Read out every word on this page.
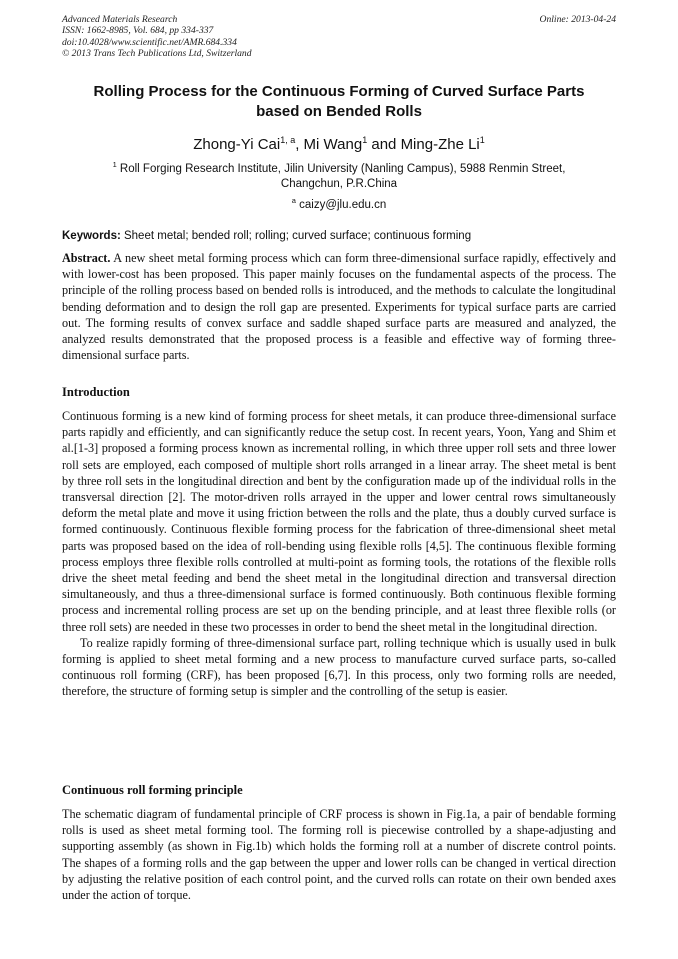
Advanced Materials Research
ISSN: 1662-8985, Vol. 684, pp 334-337
doi:10.4028/www.scientific.net/AMR.684.334
© 2013 Trans Tech Publications Ltd, Switzerland
Online: 2013-04-24
Rolling Process for the Continuous Forming of Curved Surface Parts
based on Bended Rolls
Zhong-Yi Cai$^{1, a}$, Mi Wang$^1$ and Ming-Zhe Li$^1$
$^1$ Roll Forging Research Institute, Jilin University (Nanling Campus), 5988 Renmin Street, Changchun, P.R.China
$^a$ caizy@jlu.edu.cn
Keywords: Sheet metal; bended roll; rolling; curved surface; continuous forming

Abstract. A new sheet metal forming process which can form three-dimensional surface rapidly, effectively and with lower-cost has been proposed. This paper mainly focuses on the fundamental aspects of the process. The principle of the rolling process based on bended rolls is introduced, and the methods to calculate the longitudinal bending deformation and to design the roll gap are presented. Experiments for typical surface parts are carried out. The forming results of convex surface and saddle shaped surface parts are measured and analyzed, the analyzed results demonstrated that the proposed process is a feasible and effective way of forming three-dimensional surface parts.

Introduction

Continuous forming is a new kind of forming process for sheet metals, it can produce three-dimensional surface parts rapidly and efficiently, and can significantly reduce the setup cost. In recent years, Yoon, Yang and Shim et al.[1-3] proposed a forming process known as incremental rolling, in which three upper roll sets and three lower roll sets are employed, each composed of multiple short rolls arranged in a linear array. The sheet metal is bent by three roll sets in the longitudinal direction and bent by the configuration made up of the individual rolls in the transversal direction [2]. The motor-driven rolls arrayed in the upper and lower central rows simultaneously deform the metal plate and move it using friction between the rolls and the plate, thus a doubly curved surface is formed continuously. Continuous flexible forming process for the fabrication of three-dimensional sheet metal parts was proposed based on the idea of roll-bending using flexible rolls [4,5]. The continuous flexible forming process employs three flexible rolls controlled at multi-point as forming tools, the rotations of the flexible rolls drive the sheet metal feeding and bend the sheet metal in the longitudinal direction and transversal direction simultaneously, and thus a three-dimensional surface is formed continuously. Both continuous flexible forming process and incremental rolling process are set up on the bending principle, and at least three flexible rolls (or three roll sets) are needed in these two processes in order to bend the sheet metal in the longitudinal direction.

To realize rapidly forming of three-dimensional surface part, rolling technique which is usually used in bulk forming is applied to sheet metal forming and a new process to manufacture curved surface parts, so-called continuous roll forming (CRF), has been proposed [6,7]. In this process, only two forming rolls are needed, therefore, the structure of forming setup is simpler and the controlling of the setup is easier.

Continuous roll forming principle

The schematic diagram of fundamental principle of CRF process is shown in Fig.1a, a pair of bendable forming rolls is used as sheet metal forming tool. The forming roll is piecewise controlled by a shape-adjusting and supporting assembly (as shown in Fig.1b) which holds the forming roll at a number of discrete control points. The shapes of a forming rolls and the gap between the upper and lower rolls can be changed in vertical direction by adjusting the relative position of each control point, and the curved rolls can rotate on their own bended axes under the action of torque.
